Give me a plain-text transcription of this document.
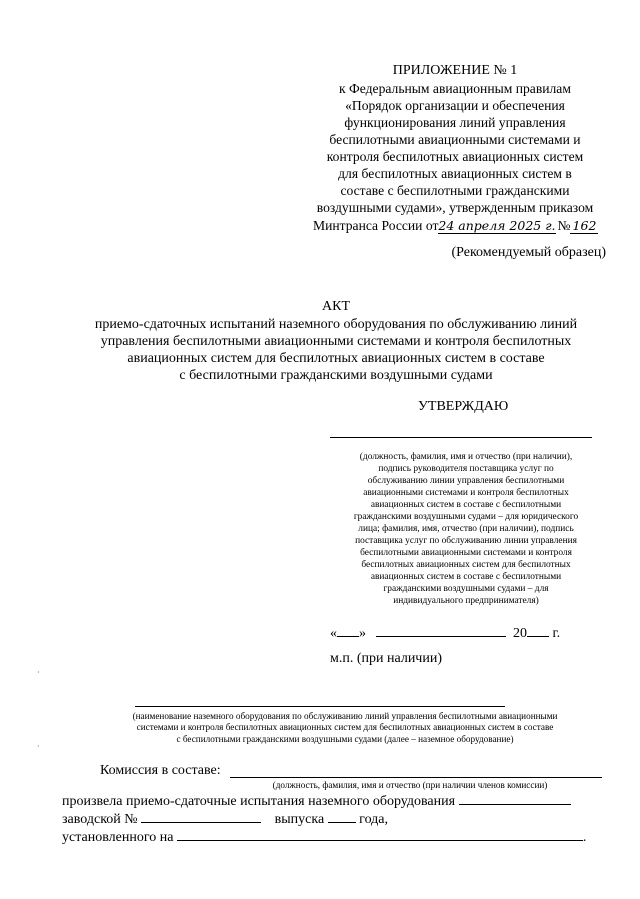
ПРИЛОЖЕНИЕ № 1
к Федеральным авиационным правилам
«Порядок организации и обеспечения
функционирования линий управления
беспилотными авиационными системами и
контроля беспилотных авиационных систем
для беспилотных авиационных систем в
составе с беспилотными гражданскими
воздушными судами», утвержденным приказом
Минтранса России от24 апреля 2025 г. № 162
(Рекомендуемый образец)
АКТ
приемо-сдаточных испытаний наземного оборудования по обслуживанию линий
управления беспилотными авиационными системами и контроля беспилотных
авиационных систем для беспилотных авиационных систем в составе
с беспилотными гражданскими воздушными судами
УТВЕРЖДАЮ
(должность, фамилия, имя и отчество (при наличии),
подпись руководителя поставщика услуг по
обслуживанию линии управления беспилотными
авиационными системами и контроля беспилотных
авиационных систем в составе с беспилотными
гражданскими воздушными судами – для юридического
лица; фамилия, имя, отчество (при наличии), подпись
поставщика услуг по обслуживанию линии управления
беспилотными авиационными системами и контроля
беспилотных авиационных систем для беспилотных
авиационных систем в составе с беспилотными
гражданскими воздушными судами – для
индивидуального предпринимателя)
« »	20 г.
м.п. (при наличии)
(наименование наземного оборудования по обслуживанию линий управления беспилотными авиационными
системами и контроля беспилотных авиационных систем для беспилотных авиационных систем в составе
с беспилотными гражданскими воздушными судами (далее – наземное оборудование)
Комиссия в составе:
(должность, фамилия, имя и отчество (при наличии членов комиссии)
произвела приемо-сдаточные испытания наземного оборудования
заводской №	выпуска	года,
установленного на	.
·
·
